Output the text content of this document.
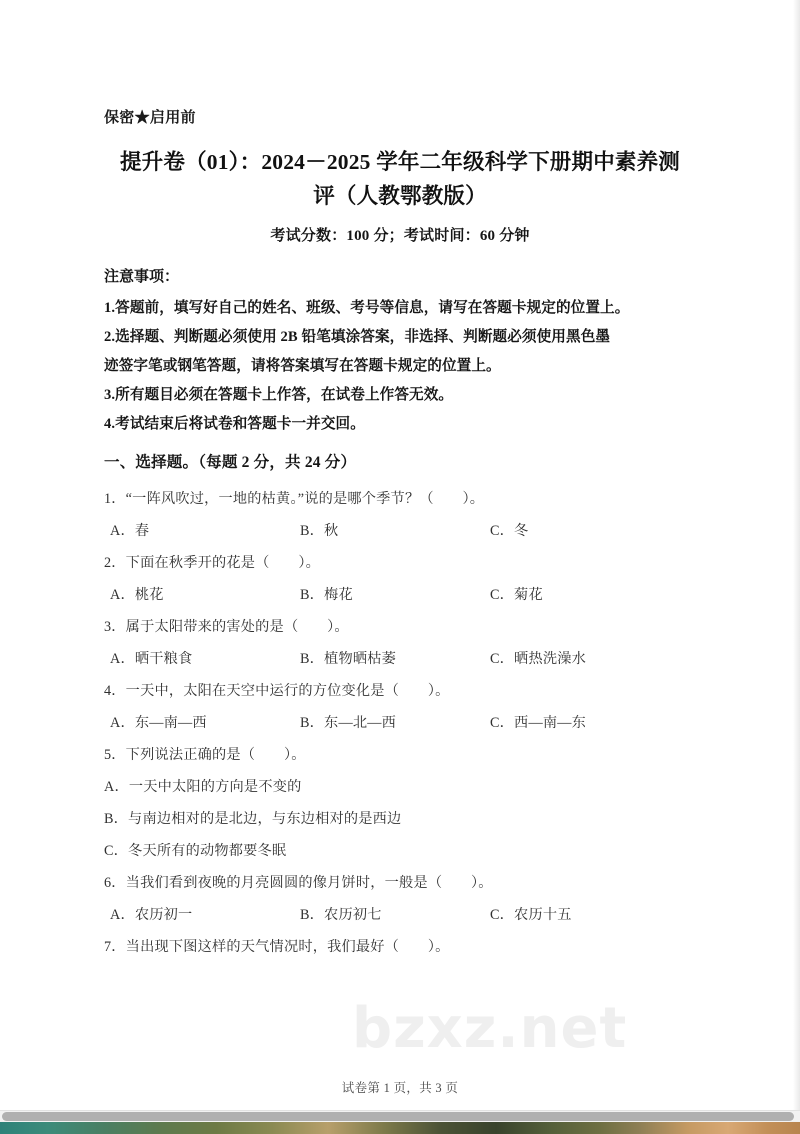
bzxz.net
保密★启用前
提升卷（01）：2024－2025 学年二年级科学下册期中素养测
评（人教鄂教版）
考试分数：100 分；考试时间：60 分钟
注意事项：
1.答题前，填写好自己的姓名、班级、考号等信息，请写在答题卡规定的位置上。
2.选择题、判断题必须使用 2B 铅笔填涂答案，非选择、判断题必须使用黑色墨
迹签字笔或钢笔答题，请将答案填写在答题卡规定的位置上。
3.所有题目必须在答题卡上作答，在试卷上作答无效。
4.考试结束后将试卷和答题卡一并交回。
一、选择题。（每题 2 分，共 24 分）
1．“一阵风吹过，一地的枯黄。”说的是哪个季节？（　　）。
A．春	B．秋	C．冬
2．下面在秋季开的花是（　　）。
A．桃花	B．梅花	C．菊花
3．属于太阳带来的害处的是（　　）。
A．晒干粮食	B．植物晒枯萎	C．晒热洗澡水
4．一天中，太阳在天空中运行的方位变化是（　　）。
A．东—南—西	B．东—北—西	C．西—南—东
5．下列说法正确的是（　　）。
A．一天中太阳的方向是不变的
B．与南边相对的是北边，与东边相对的是西边
C．冬天所有的动物都要冬眠
6．当我们看到夜晚的月亮圆圆的像月饼时，一般是（　　）。
A．农历初一	B．农历初七	C．农历十五
7．当出现下图这样的天气情况时，我们最好（　　）。
试卷第 1 页，共 3 页
